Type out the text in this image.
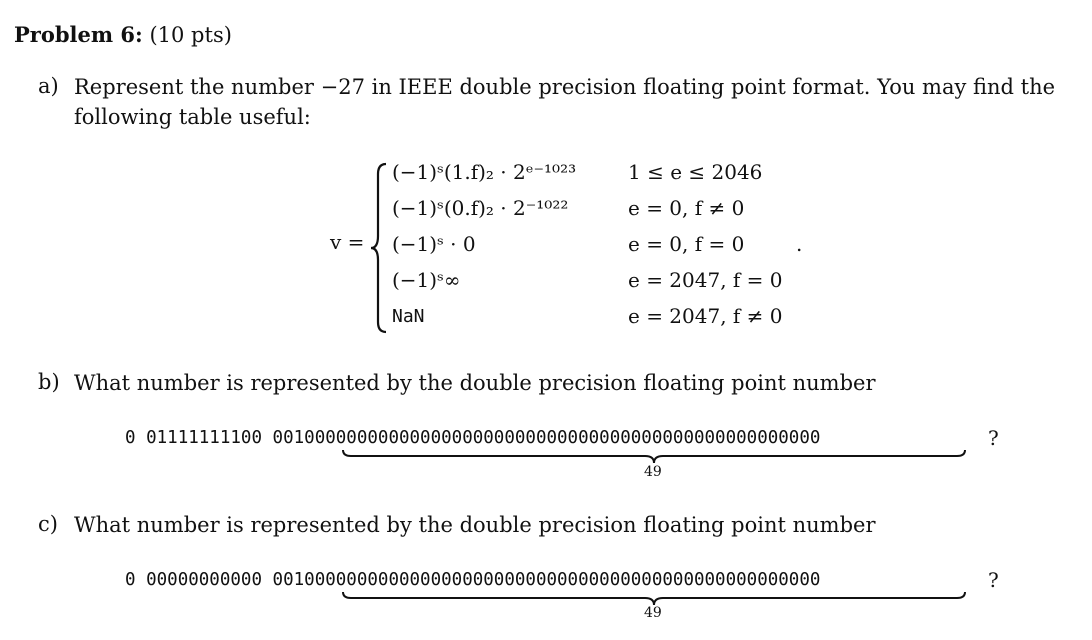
Problem 6: (10 pts)
a) Represent the number −27 in IEEE double precision floating point format. You may find the
following table useful:
v =
(−1)ˢ(1.f)₂ · 2ᵉ⁻¹⁰²³	1 ≤ e ≤ 2046
(−1)ˢ(0.f)₂ · 2⁻¹⁰²²	e = 0, f ≠ 0
(−1)ˢ · 0	e = 0, f = 0	.
(−1)ˢ∞	e = 2047, f = 0
NaN	e = 2047, f ≠ 0
b) What number is represented by the double precision floating point number
0 01111111100 0010000000000000000000000000000000000000000000000000	?
49
c) What number is represented by the double precision floating point number
0 00000000000 0010000000000000000000000000000000000000000000000000	?
49
